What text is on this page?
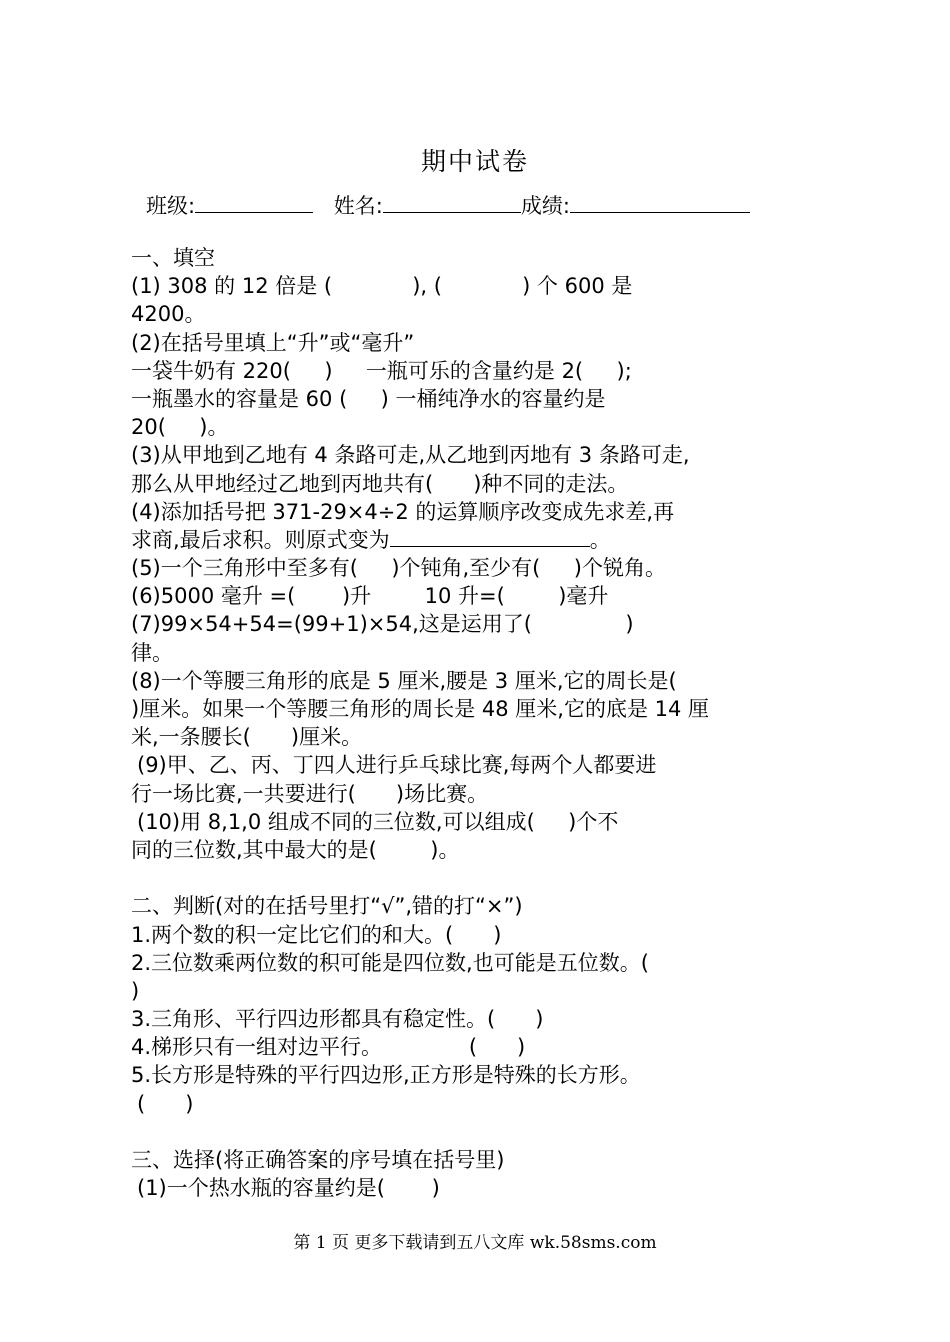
期中试卷
班级:	姓名:	成绩:
一、填空
(1) 308 的 12 倍是 (            ), (            ) 个 600 是
4200。
(2)在括号里填上“升”或“毫升”
一袋牛奶有 220(     )     一瓶可乐的含量约是 2(     );
一瓶墨水的容量是 60 (     ) 一桶纯净水的容量约是
20(     )。
(3)从甲地到乙地有 4 条路可走,从乙地到丙地有 3 条路可走,
那么从甲地经过乙地到丙地共有(      )种不同的走法。
(4)添加括号把 371-29×4÷2 的运算顺序改变成先求差,再
求商,最后求积。则原式变为	。
(5)一个三角形中至多有(     )个钝角,至少有(     )个锐角。
(6)5000 毫升 =(       )升        10 升=(        )毫升
(7)99×54+54=(99+1)×54,这是运用了(              )
律。
(8)一个等腰三角形的底是 5 厘米,腰是 3 厘米,它的周长是(
)厘米。如果一个等腰三角形的周长是 48 厘米,它的底是 14 厘
米,一条腰长(      )厘米。
(9)甲、乙、丙、丁四人进行乒乓球比赛,每两个人都要进
行一场比赛,一共要进行(      )场比赛。
(10)用 8,1,0 组成不同的三位数,可以组成(     )个不
同的三位数,其中最大的是(        )。
二、判断(对的在括号里打“√”,错的打“×”)
1.两个数的积一定比它们的和大。(      )
2.三位数乘两位数的积可能是四位数,也可能是五位数。(
)
3.三角形、平行四边形都具有稳定性。(      )
4.梯形只有一组对边平行。             (      )
5.长方形是特殊的平行四边形,正方形是特殊的长方形。
(      )
三、选择(将正确答案的序号填在括号里)
(1)一个热水瓶的容量约是(       )
第 1 页 更多下载请到五八文库 wk.58sms.com
